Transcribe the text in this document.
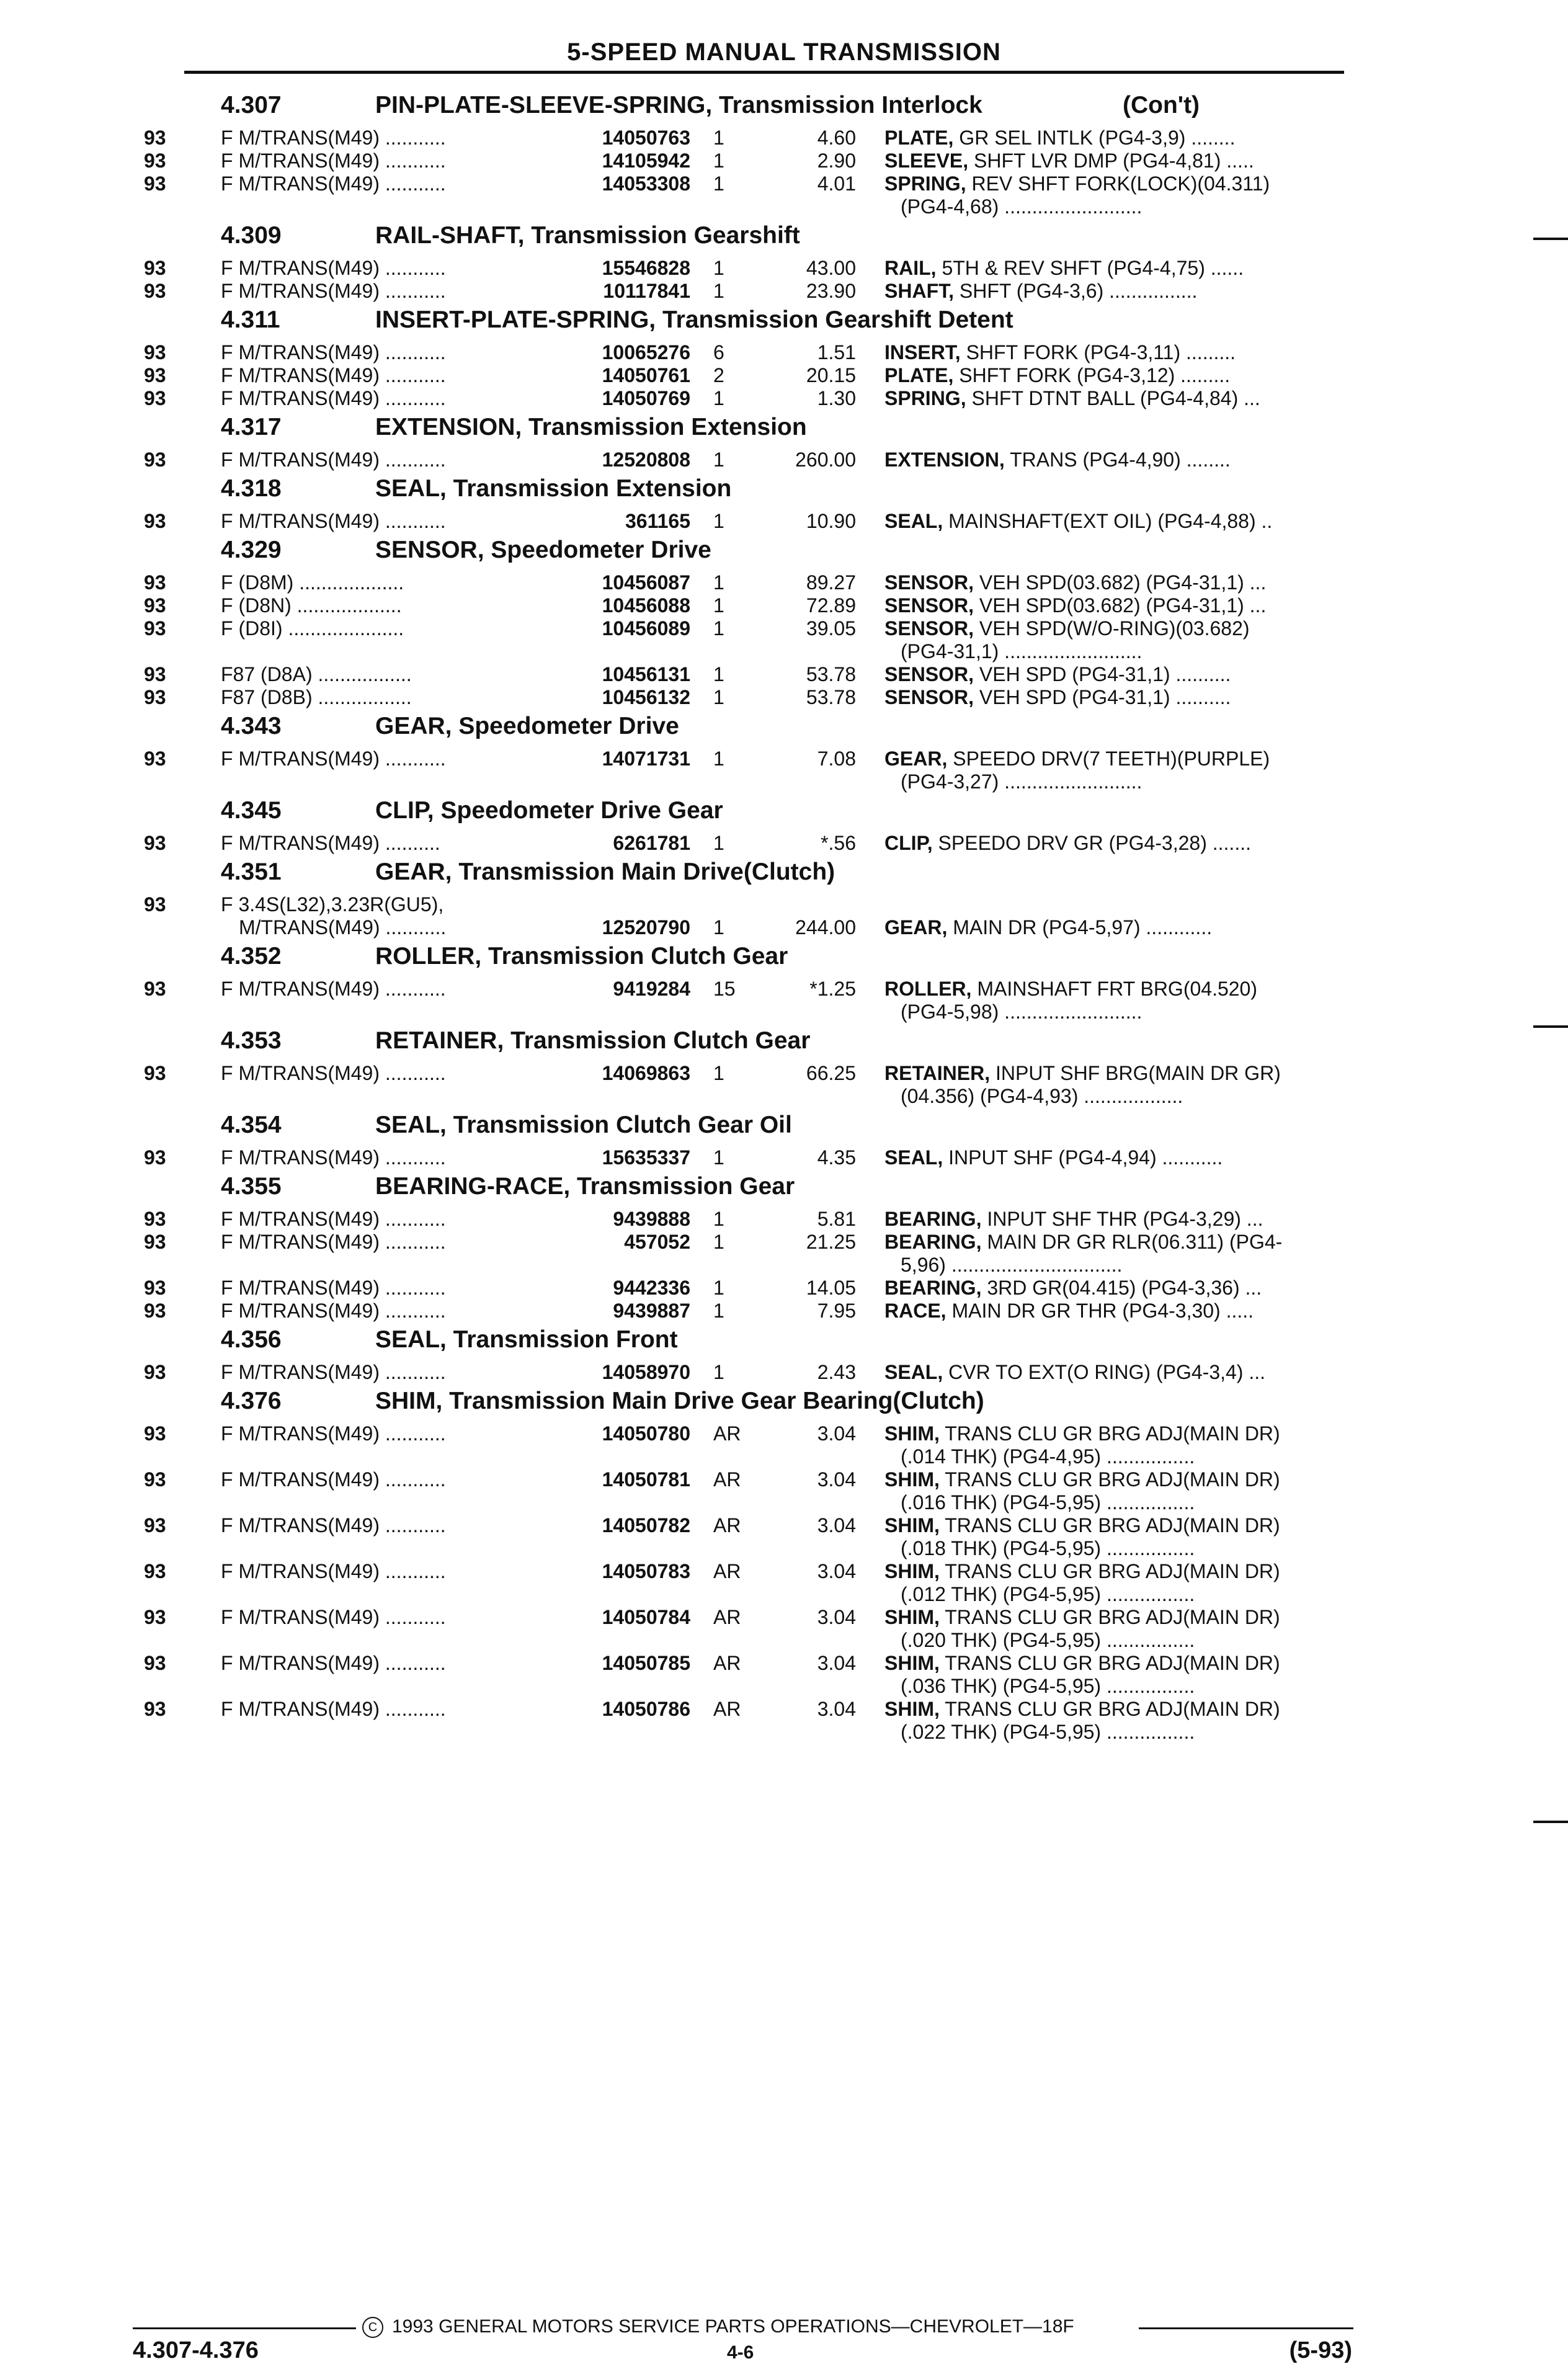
5-SPEED MANUAL TRANSMISSION
4.307	PIN-PLATE-SLEEVE-SPRING, Transmission Interlock	(Con't)
93	F M/TRANS(M49) ...........	14050763 1	4.60 PLATE, GR SEL INTLK (PG4-3,9) ........
93	F M/TRANS(M49) ...........	14105942 1	2.90 SLEEVE, SHFT LVR DMP (PG4-4,81) .....
93	F M/TRANS(M49) ...........	14053308 1	4.01 SPRING, REV SHFT FORK(LOCK)(04.311)
(PG4-4,68) .........................
4.309	RAIL-SHAFT, Transmission Gearshift
93	F M/TRANS(M49) ...........	15546828 1	43.00 RAIL, 5TH & REV SHFT (PG4-4,75) ......
93	F M/TRANS(M49) ...........	10117841 1	23.90 SHAFT, SHFT (PG4-3,6) ................
4.311	INSERT-PLATE-SPRING, Transmission Gearshift Detent
93	F M/TRANS(M49) ...........	10065276 6	1.51 INSERT, SHFT FORK (PG4-3,11) .........
93	F M/TRANS(M49) ...........	14050761 2	20.15 PLATE, SHFT FORK (PG4-3,12) .........
93	F M/TRANS(M49) ...........	14050769 1	1.30 SPRING, SHFT DTNT BALL (PG4-4,84) ...
4.317	EXTENSION, Transmission Extension
93	F M/TRANS(M49) ...........	12520808 1	260.00 EXTENSION, TRANS (PG4-4,90) ........
4.318	SEAL, Transmission Extension
93	F M/TRANS(M49) ...........	361165 1	10.90 SEAL, MAINSHAFT(EXT OIL) (PG4-4,88) ..
4.329	SENSOR, Speedometer Drive
93	F (D8M) ...................	10456087 1	89.27 SENSOR, VEH SPD(03.682) (PG4-31,1) ...
93	F (D8N) ...................	10456088 1	72.89 SENSOR, VEH SPD(03.682) (PG4-31,1) ...
93	F (D8I) .....................	10456089 1	39.05 SENSOR, VEH SPD(W/O-RING)(03.682)
(PG4-31,1) .........................
93	F87 (D8A) .................	10456131 1	53.78 SENSOR, VEH SPD (PG4-31,1) ..........
93	F87 (D8B) .................	10456132 1	53.78 SENSOR, VEH SPD (PG4-31,1) ..........
4.343	GEAR, Speedometer Drive
93	F M/TRANS(M49) ...........	14071731 1	7.08 GEAR, SPEEDO DRV(7 TEETH)(PURPLE)
(PG4-3,27) .........................
4.345	CLIP, Speedometer Drive Gear
93	F M/TRANS(M49) ..........	6261781 1	*.56 CLIP, SPEEDO DRV GR (PG4-3,28) .......
4.351	GEAR, Transmission Main Drive(Clutch)
93	F 3.4S(L32),3.23R(GU5),
M/TRANS(M49) ...........	12520790 1	244.00 GEAR, MAIN DR (PG4-5,97) ............
4.352	ROLLER, Transmission Clutch Gear
93	F M/TRANS(M49) ...........	9419284 15	*1.25 ROLLER, MAINSHAFT FRT BRG(04.520)
(PG4-5,98) .........................
4.353	RETAINER, Transmission Clutch Gear
93	F M/TRANS(M49) ...........	14069863 1	66.25 RETAINER, INPUT SHF BRG(MAIN DR GR)
(04.356) (PG4-4,93) ..................
4.354	SEAL, Transmission Clutch Gear Oil
93	F M/TRANS(M49) ...........	15635337 1	4.35 SEAL, INPUT SHF (PG4-4,94) ...........
4.355	BEARING-RACE, Transmission Gear
93	F M/TRANS(M49) ...........	9439888 1	5.81 BEARING, INPUT SHF THR (PG4-3,29) ...
93	F M/TRANS(M49) ...........	457052 1	21.25 BEARING, MAIN DR GR RLR(06.311) (PG4-
5,96) ...............................
93	F M/TRANS(M49) ...........	9442336 1	14.05 BEARING, 3RD GR(04.415) (PG4-3,36) ...
93	F M/TRANS(M49) ...........	9439887 1	7.95 RACE, MAIN DR GR THR (PG4-3,30) .....
4.356	SEAL, Transmission Front
93	F M/TRANS(M49) ...........	14058970 1	2.43 SEAL, CVR TO EXT(O RING) (PG4-3,4) ...
4.376	SHIM, Transmission Main Drive Gear Bearing(Clutch)
93	F M/TRANS(M49) ...........	14050780 AR	3.04 SHIM, TRANS CLU GR BRG ADJ(MAIN DR)
(.014 THK) (PG4-4,95) ................
93	F M/TRANS(M49) ...........	14050781 AR	3.04 SHIM, TRANS CLU GR BRG ADJ(MAIN DR)
(.016 THK) (PG4-5,95) ................
93	F M/TRANS(M49) ...........	14050782 AR	3.04 SHIM, TRANS CLU GR BRG ADJ(MAIN DR)
(.018 THK) (PG4-5,95) ................
93	F M/TRANS(M49) ...........	14050783 AR	3.04 SHIM, TRANS CLU GR BRG ADJ(MAIN DR)
(.012 THK) (PG4-5,95) ................
93	F M/TRANS(M49) ...........	14050784 AR	3.04 SHIM, TRANS CLU GR BRG ADJ(MAIN DR)
(.020 THK) (PG4-5,95) ................
93	F M/TRANS(M49) ...........	14050785 AR	3.04 SHIM, TRANS CLU GR BRG ADJ(MAIN DR)
(.036 THK) (PG4-5,95) ................
93	F M/TRANS(M49) ...........	14050786 AR	3.04 SHIM, TRANS CLU GR BRG ADJ(MAIN DR)
(.022 THK) (PG4-5,95) ................
C 1993 GENERAL MOTORS SERVICE PARTS OPERATIONS—CHEVROLET—18F
4.307-4.376	4-6	(5-93)
